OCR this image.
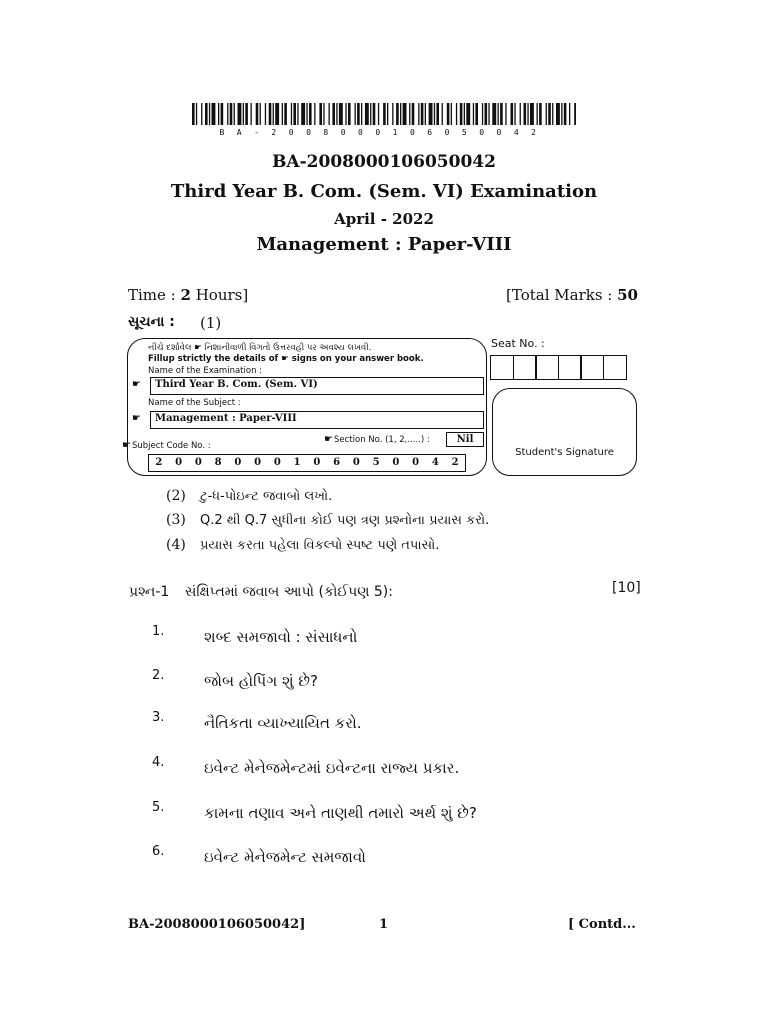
BA-2008000106050042
BA-2008000106050042
Third Year B. Com. (Sem. VI) Examination
April - 2022
Management : Paper-VIII
Time : 2 Hours]	[Total Marks : 50
સૂચના : (1)
નીચે દર્શાવેલ ☛ નિશાનીવાળી વિગતો ઉત્તરવહી પર અવશ્ય લખવી.
Fillup strictly the details of ☛ signs on your answer book.
Name of the Examination :
☛ Third Year B. Com. (Sem. VI)
Name of the Subject :
☛ Management : Paper-VIII
☛ Section No. (1, 2,.....) :	Nil
☛ Subject Code No. :
2	0	0	8	0	0	0	1	0	6	0	5	0	0	4	2
Seat No. :
Student's Signature
(2) ટુ-ધ-પોઇન્ટ જવાબો લખો.
(3) Q.2 થી Q.7 સુધીના કોઈ પણ ત્રણ પ્રશ્નોના પ્રયાસ કરો.
(4) પ્રયાસ કરતા પહેલા વિકલ્પો સ્પષ્ટ પણે તપાસો.
પ્રશ્ન-1 સંક્ષિપ્તમાં જવાબ આપો (કોઈપણ 5):	[10]
1.	શબ્દ સમજાવો : સંસાધનો
2.	જોબ હોપિંગ શું છે?
3.	નૈતિકતા વ્યાખ્યાયિત કરો.
4.	ઇવેન્ટ મેનેજમેન્ટમાં ઇવેન્ટના રાજ્ય પ્રકાર.
5.	કામના તણાવ અને તાણથી તમારો અર્થ શું છે?
6.	ઇવેન્ટ મેનેજમેન્ટ સમજાવો
BA-2008000106050042]	1	[ Contd...
